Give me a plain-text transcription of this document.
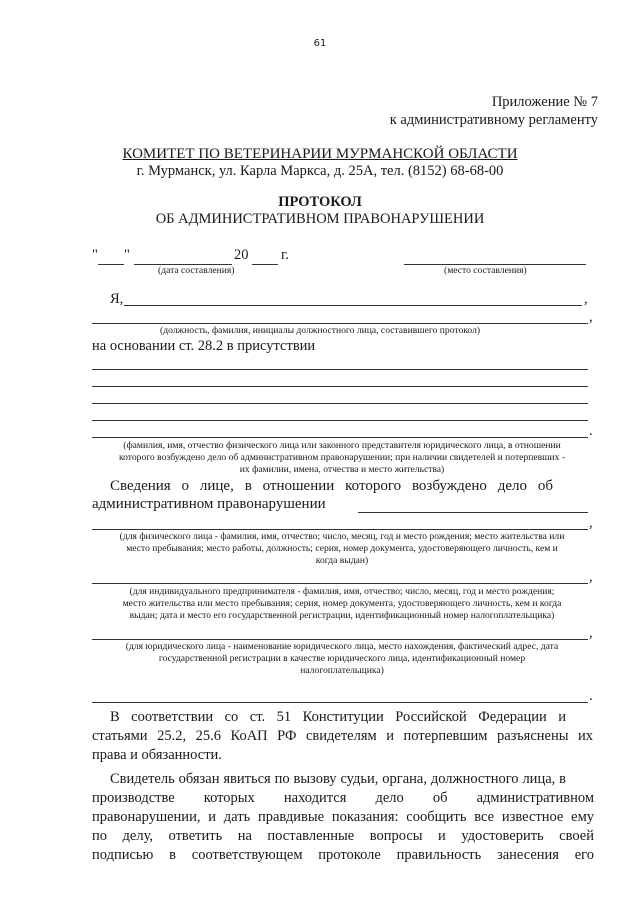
61
Приложение № 7
к административному регламенту
КОМИТЕТ ПО ВЕТЕРИНАРИИ МУРМАНСКОЙ ОБЛАСТИ
г. Мурманск, ул. Карла Маркса, д. 25А, тел. (8152) 68-68-00
ПРОТОКОЛ
ОБ АДМИНИСТРАТИВНОМ ПРАВОНАРУШЕНИИ
" "	20 г.
(дата составления)	(место составления)
Я,	,
,
(должность, фамилия, инициалы должностного лица, составившего протокол)
на основании ст. 28.2 в присутствии
.
(фамилия, имя, отчество физического лица или законного представителя юридического лица, в отношении
которого возбуждено дело об административном правонарушении; при наличии свидетелей и потерпевших -
их фамилии, имена, отчества и место жительства)
Сведения о лице, в отношении которого возбуждено дело об
административном правонарушении
,
(для физического лица - фамилия, имя, отчество; число, месяц, год и место рождения; место жительства или
место пребывания; место работы, должность; серия, номер документа, удостоверяющего личность, кем и
когда выдан)
,
(для индивидуального предпринимателя - фамилия, имя, отчество; число, месяц, год и место рождения;
место жительства или место пребывания; серия, номер документа, удостоверяющего личность, кем и когда
выдан; дата и место его государственной регистрации, идентификационный номер налогоплательщика)
,
(для юридического лица - наименование юридического лица, место нахождения, фактический адрес, дата
государственной регистрации в качестве юридического лица, идентификационный номер
налогоплательщика)
.
В соответствии со ст. 51 Конституции Российской Федерации и
статьями 25.2, 25.6 КоАП РФ свидетелям и потерпевшим разъяснены их
права и обязанности.
Свидетель обязан явиться по вызову судьи, органа, должностного лица, в
производстве которых находится дело об административном
правонарушении, и дать правдивые показания: сообщить все известное ему
по делу, ответить на поставленные вопросы и удостоверить своей
подписью в соответствующем протоколе правильность занесения его
